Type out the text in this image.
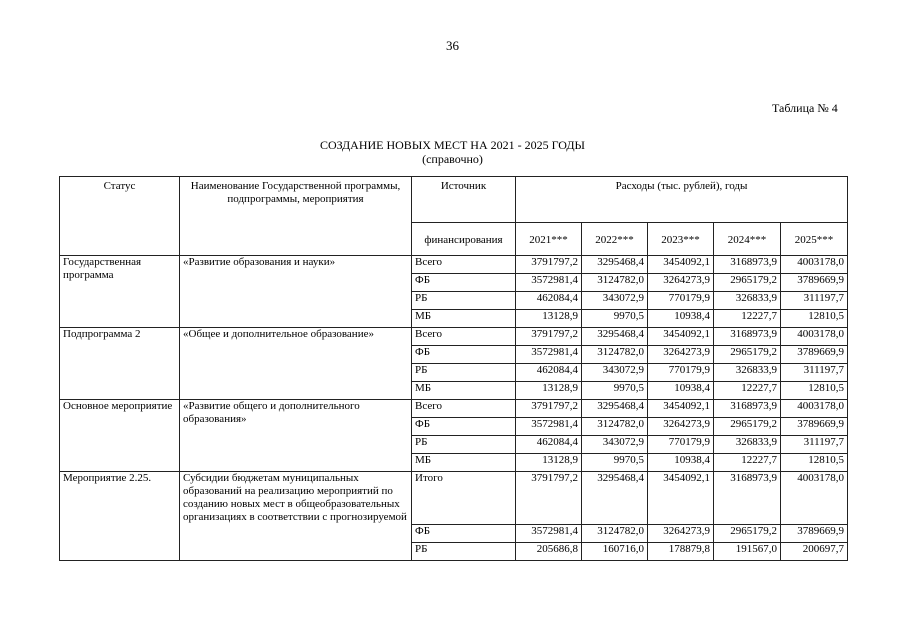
36
Таблица № 4
СОЗДАНИЕ НОВЫХ МЕСТ НА 2021 - 2025 ГОДЫ
(справочно)
Статус	Наименование Государственной программы, подпрограммы, мероприятия	Источник	Расходы (тыс. рублей), годы				
		финансирования	2021***	2022***	2023***	2024***	2025***
Государственная программа	«Развитие образования и науки»	Всего	3791797,2	3295468,4	3454092,1	3168973,9	4003178,0
		ФБ	3572981,4	3124782,0	3264273,9	2965179,2	3789669,9
		РБ	462084,4	343072,9	770179,9	326833,9	311197,7
		МБ	13128,9	9970,5	10938,4	12227,7	12810,5
Подпрограмма 2	«Общее и дополнительное образование»	Всего	3791797,2	3295468,4	3454092,1	3168973,9	4003178,0
		ФБ	3572981,4	3124782,0	3264273,9	2965179,2	3789669,9
		РБ	462084,4	343072,9	770179,9	326833,9	311197,7
		МБ	13128,9	9970,5	10938,4	12227,7	12810,5
Основное мероприятие	«Развитие общего и дополнительного образования»	Всего	3791797,2	3295468,4	3454092,1	3168973,9	4003178,0
		ФБ	3572981,4	3124782,0	3264273,9	2965179,2	3789669,9
		РБ	462084,4	343072,9	770179,9	326833,9	311197,7
		МБ	13128,9	9970,5	10938,4	12227,7	12810,5
Мероприятие 2.25.	Субсидии бюджетам муниципальных образований на реализацию мероприятий по созданию новых мест в общеобразовательных организациях в соответствии с прогнозируемой	Итого	3791797,2	3295468,4	3454092,1	3168973,9	4003178,0
		ФБ	3572981,4	3124782,0	3264273,9	2965179,2	3789669,9
		РБ	205686,8	160716,0	178879,8	191567,0	200697,7
